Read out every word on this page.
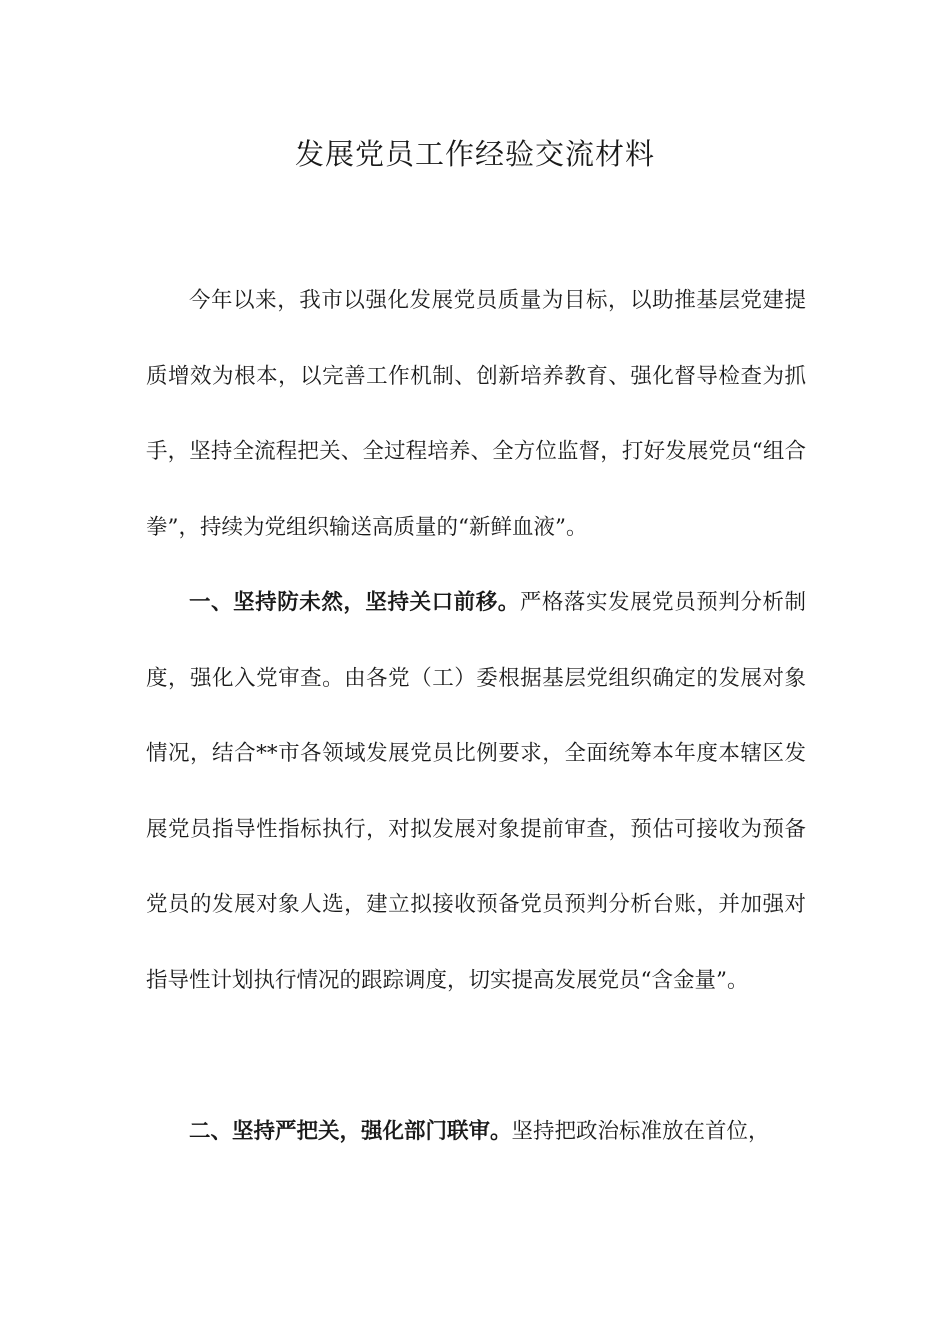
发展党员工作经验交流材料

今年以来，我市以强化发展党员质量为目标，以助推基层党建提质增效为根本，以完善工作机制、创新培养教育、强化督导检查为抓手，坚持全流程把关、全过程培养、全方位监督，打好发展党员“组合拳”，持续为党组织输送高质量的“新鲜血液”。

一、坚持防未然，坚持关口前移。严格落实发展党员预判分析制度，强化入党审查。由各党（工）委根据基层党组织确定的发展对象情况，结合**市各领域发展党员比例要求，全面统筹本年度本辖区发展党员指导性指标执行，对拟发展对象提前审查，预估可接收为预备党员的发展对象人选，建立拟接收预备党员预判分析台账，并加强对指导性计划执行情况的跟踪调度，切实提高发展党员“含金量”。

二、坚持严把关，强化部门联审。坚持把政治标准放在首位，
